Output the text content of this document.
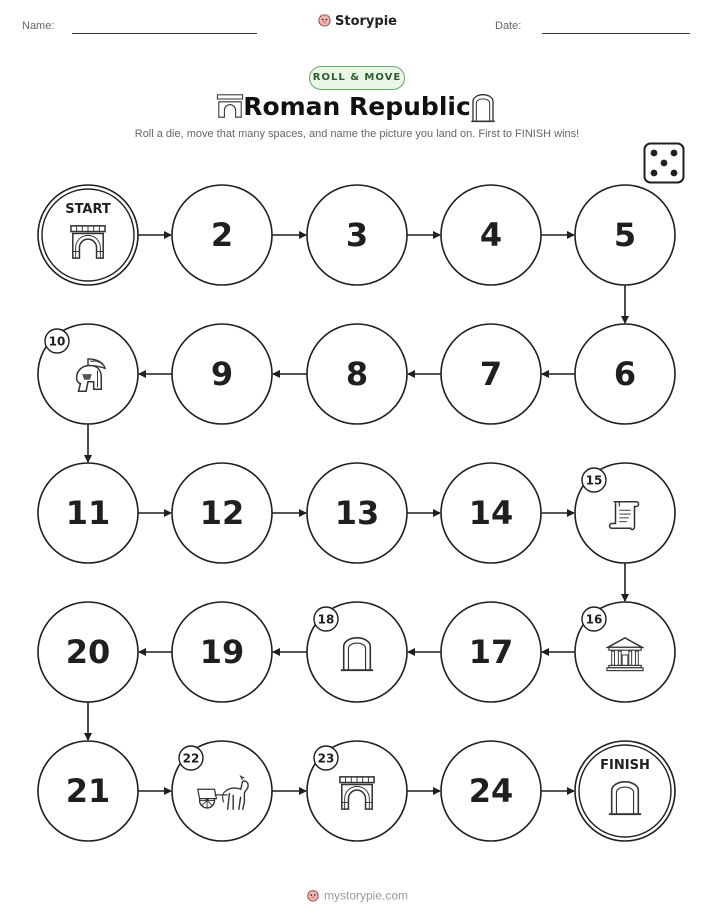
Name:	Storypie	Date:
ROLL & MOVE
Roman Republic
Roll a die, move that many spaces, and name the picture you land on. First to FINISH wins!
START
2	3	4	5
6
7
8
9
10
11	12	13	14
15
16
17
18
19
20
21
22	23
24
FINISH
mystorypie.com
